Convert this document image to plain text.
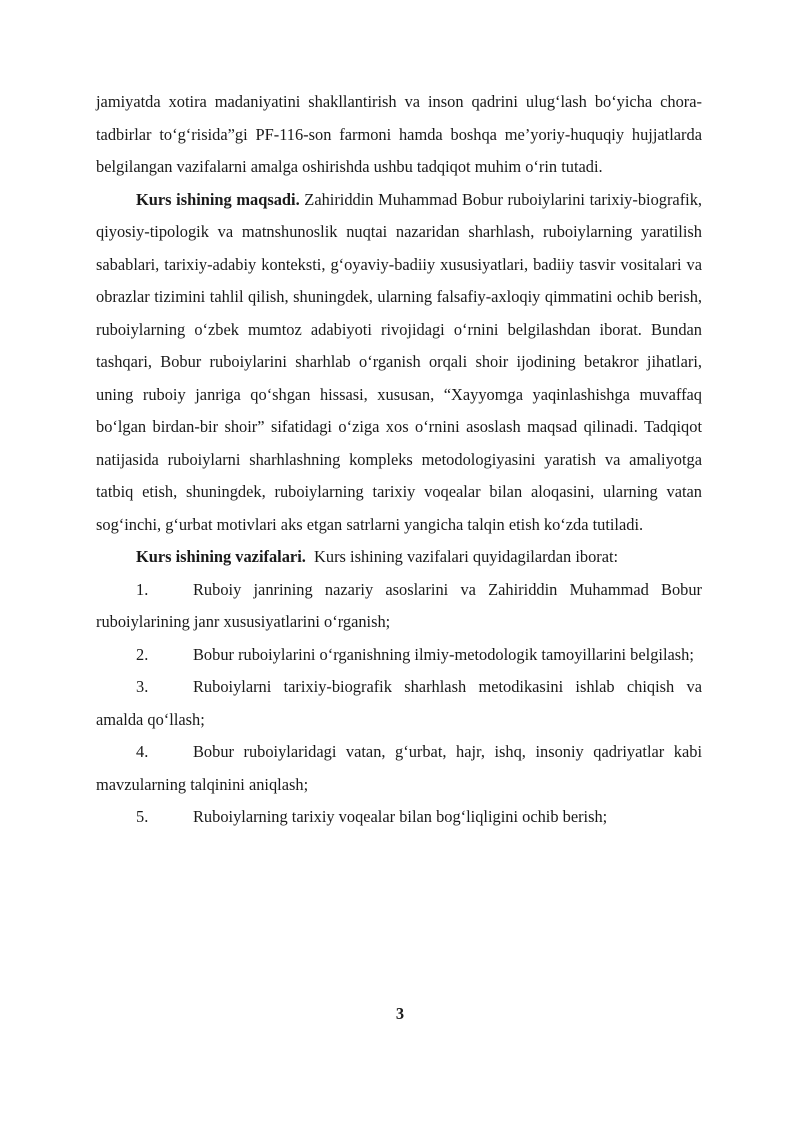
jamiyatda xotira madaniyatini shakllantirish va inson qadrini ulug‘lash bo‘yicha chora-tadbirlar to‘g‘risida”gi PF-116-son farmoni hamda boshqa me’yoriy-huquqiy hujjatlarda belgilangan vazifalarni amalga oshirishda ushbu tadqiqot muhim o‘rin tutadi.

Kurs ishining maqsadi. Zahiriddin Muhammad Bobur ruboiylarini tarixiy-biografik, qiyosiy-tipologik va matnshunoslik nuqtai nazaridan sharhlash, ruboiylarning yaratilish sabablari, tarixiy-adabiy konteksti, g‘oyaviy-badiiy xususiyatlari, badiiy tasvir vositalari va obrazlar tizimini tahlil qilish, shuningdek, ularning falsafiy-axloqiy qimmatini ochib berish, ruboiylarning o‘zbek mumtoz adabiyoti rivojidagi o‘rnini belgilashdan iborat. Bundan tashqari, Bobur ruboiylarini sharhlab o‘rganish orqali shoir ijodining betakror jihatlari, uning ruboiy janriga qo‘shgan hissasi, xususan, “Xayyomga yaqinlashishga muvaffaq bo‘lgan birdan-bir shoir” sifatidagi o‘ziga xos o‘rnini asoslash maqsad qilinadi. Tadqiqot natijasida ruboiylarni sharhlashning kompleks metodologiyasini yaratish va amaliyotga tatbiq etish, shuningdek, ruboiylarning tarixiy voqealar bilan aloqasini, ularning vatan sog‘inchi, g‘urbat motivlari aks etgan satrlarni yangicha talqin etish ko‘zda tutiladi.

Kurs ishining vazifalari.  Kurs ishining vazifalari quyidagilardan iborat:

1.	Ruboiy janrining nazariy asoslarini va Zahiriddin Muhammad Bobur ruboiylarining janr xususiyatlarini o‘rganish;

2.	Bobur ruboiylarini o‘rganishning ilmiy-metodologik tamoyillarini belgilash;

3.	Ruboiylarni tarixiy-biografik sharhlash metodikasini ishlab chiqish va amalda qo‘llash;

4.	Bobur ruboiylaridagi vatan, g‘urbat, hajr, ishq, insoniy qadriyatlar kabi mavzularning talqinini aniqlash;

5.	Ruboiylarning tarixiy voqealar bilan bog‘liqligini ochib berish;

3
